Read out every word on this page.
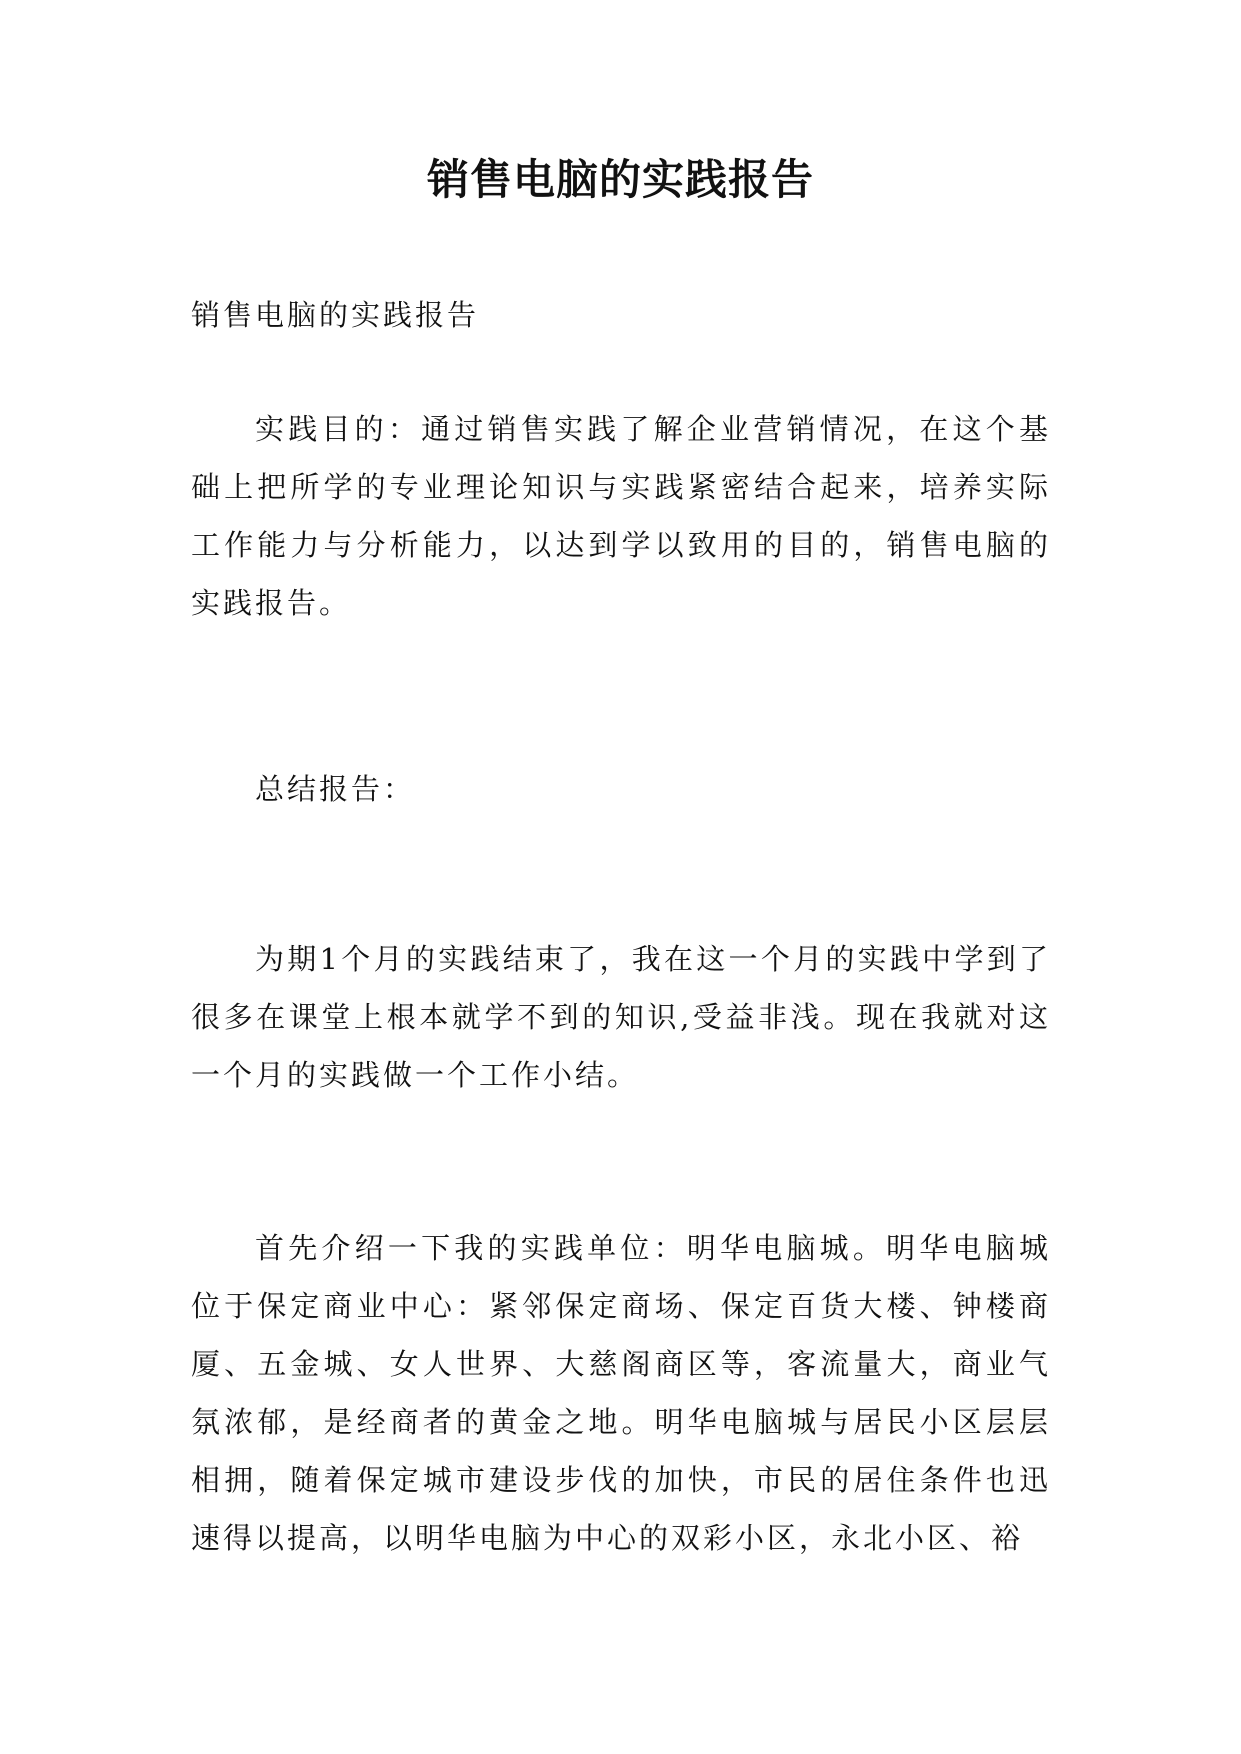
销售电脑的实践报告

销售电脑的实践报告

实践目的：通过销售实践了解企业营销情况，在这个基础上把所学的专业理论知识与实践紧密结合起来，培养实际工作能力与分析能力，以达到学以致用的目的，销售电脑的实践报告。

总结报告：

为期1个月的实践结束了，我在这一个月的实践中学到了很多在课堂上根本就学不到的知识,受益非浅。现在我就对这一个月的实践做一个工作小结。

首先介绍一下我的实践单位：明华电脑城。明华电脑城位于保定商业中心：紧邻保定商场、保定百货大楼、钟楼商厦、五金城、女人世界、大慈阁商区等，客流量大，商业气氛浓郁，是经商者的黄金之地。明华电脑城与居民小区层层相拥，随着保定城市建设步伐的加快，市民的居住条件也迅速得以提高，以明华电脑为中心的双彩小区，永北小区、裕
